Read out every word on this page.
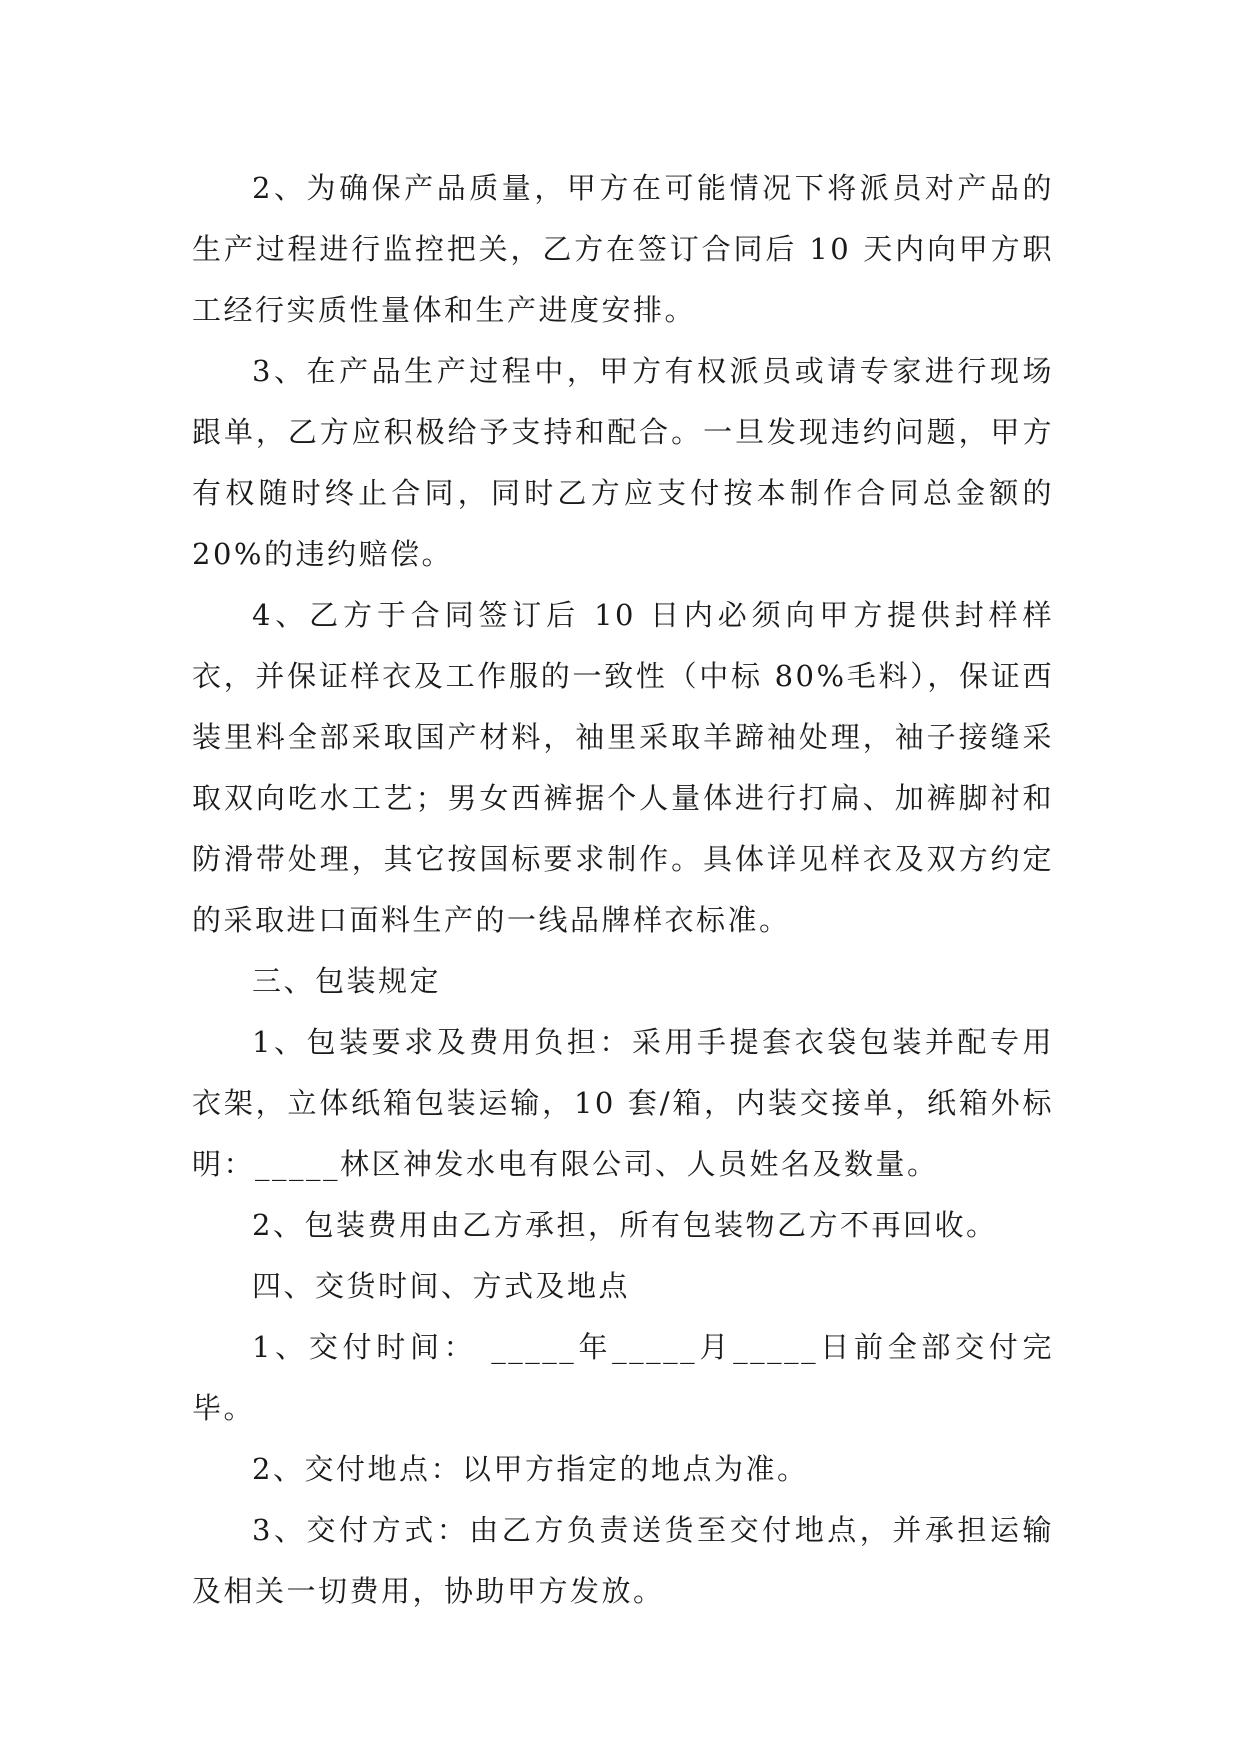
2、为确保产品质量，甲方在可能情况下将派员对产品的生产过程进行监控把关，乙方在签订合同后 10 天内向甲方职工经行实质性量体和生产进度安排。

3、在产品生产过程中，甲方有权派员或请专家进行现场跟单，乙方应积极给予支持和配合。一旦发现违约问题，甲方有权随时终止合同，同时乙方应支付按本制作合同总金额的 20%的违约赔偿。

4、乙方于合同签订后 10 日内必须向甲方提供封样样衣，并保证样衣及工作服的一致性（中标 80%毛料），保证西装里料全部采取国产材料，袖里采取羊蹄袖处理，袖子接缝采取双向吃水工艺；男女西裤据个人量体进行打扁、加裤脚衬和防滑带处理，其它按国标要求制作。具体详见样衣及双方约定的采取进口面料生产的一线品牌样衣标准。

三、包装规定

1、包装要求及费用负担：采用手提套衣袋包装并配专用衣架，立体纸箱包装运输，10 套/箱，内装交接单，纸箱外标明：_____林区神发水电有限公司、人员姓名及数量。

2、包装费用由乙方承担，所有包装物乙方不再回收。

四、交货时间、方式及地点

1、交付时间： _____年_____月_____日前全部交付完毕。

2、交付地点：以甲方指定的地点为准。

3、交付方式：由乙方负责送货至交付地点，并承担运输及相关一切费用，协助甲方发放。
